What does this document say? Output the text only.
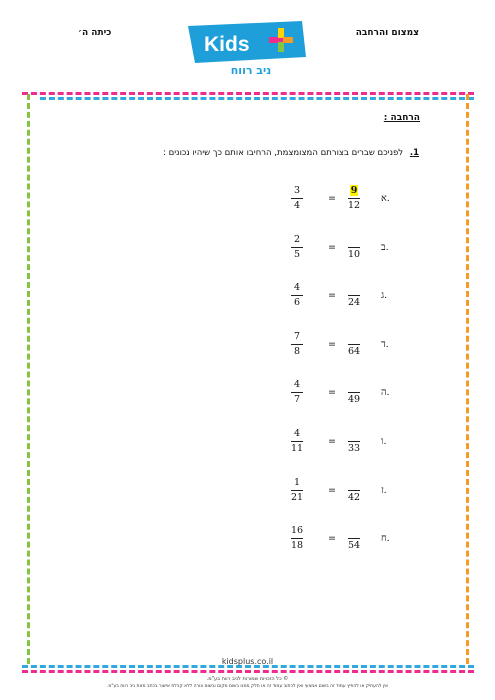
צמצום והרחבה
כיתה ה׳	Kids
ניב רווח
הרחבה :
1. לפניכם שברים בצורתם המצומצמת, הרחיבו אותם כך שיהיו נכונים :
3
4
=
9
12
א.
2
5
=
10
ב.
4
6
=
24
ג.
7
8
=
64
ד.
4
7
=
49
ה.
4
11
=
33
ו.
1
21
=
42
ז.
16
18
=
54
ח.
kidsplus.co.il
© כל הזכויות שמורות לניב רווח בע"מ.
אין להעתיק או להפיץ עמוד זה בשום אמצעי ואין לכתוב עמוד זה או חלק ממנו בשום מקום ובשום צורה ללא קבלת אישור בכתב מאת ניב רווח בע"מ.
